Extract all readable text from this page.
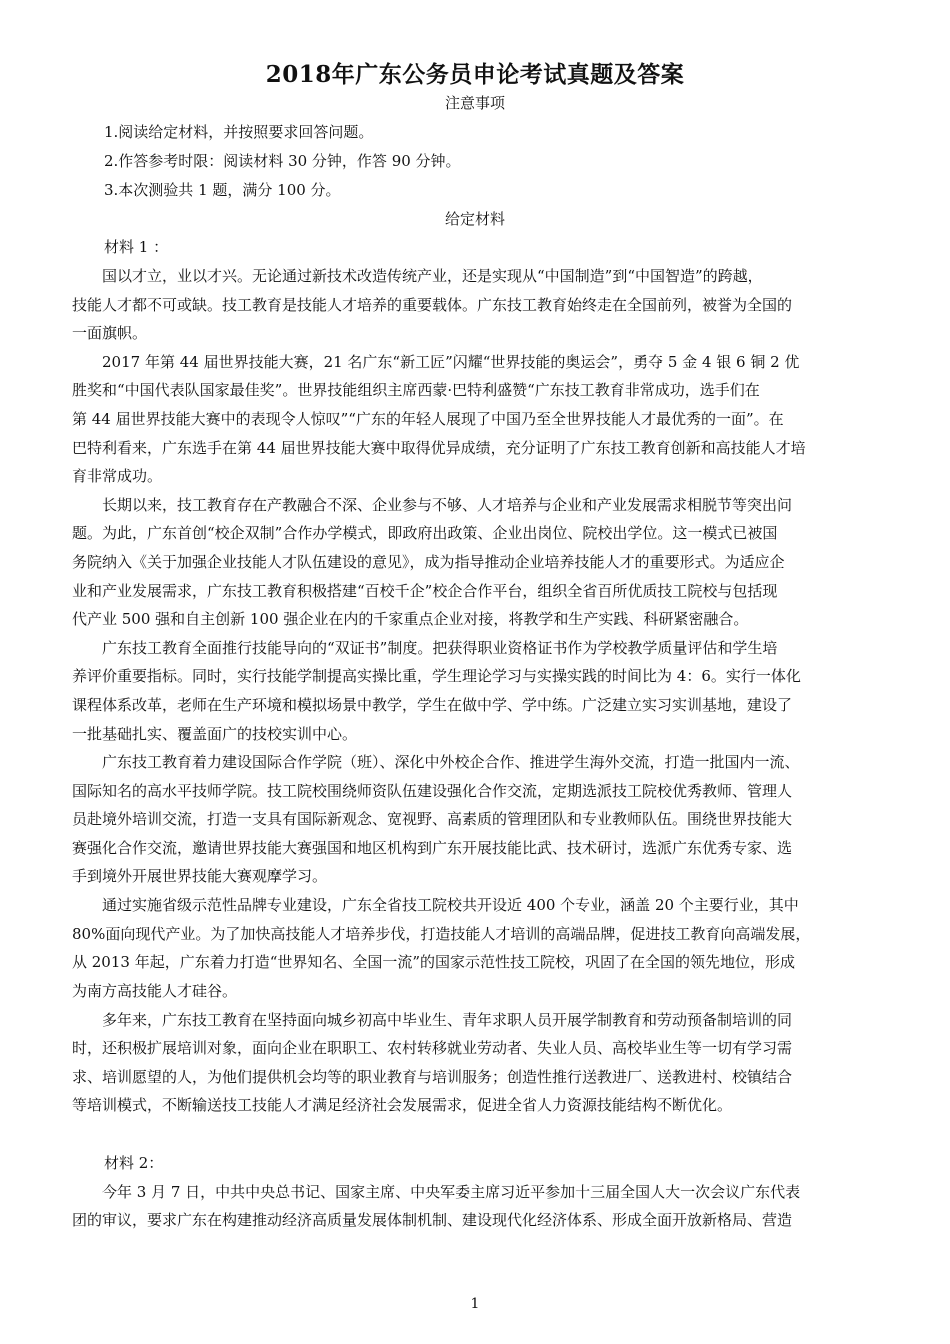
2018年广东公务员申论考试真题及答案
注意事项
1.阅读给定材料，并按照要求回答问题。
2.作答参考时限：阅读材料 30 分钟，作答 90 分钟。
3.本次测验共 1 题，满分 100 分。
给定材料
材料 1 ：
　　国以才立，业以才兴。无论通过新技术改造传统产业，还是实现从“中国制造”到“中国智造”的跨越，
技能人才都不可或缺。技工教育是技能人才培养的重要载体。广东技工教育始终走在全国前列，被誉为全国的
一面旗帜。
　　2017 年第 44 届世界技能大赛，21 名广东“新工匠”闪耀“世界技能的奥运会”，勇夺 5 金 4 银 6 铜 2 优
胜奖和“中国代表队国家最佳奖”。世界技能组织主席西蒙·巴特利盛赞“广东技工教育非常成功，选手们在
第 44 届世界技能大赛中的表现令人惊叹”“广东的年轻人展现了中国乃至全世界技能人才最优秀的一面”。在
巴特利看来，广东选手在第 44 届世界技能大赛中取得优异成绩，充分证明了广东技工教育创新和高技能人才培
育非常成功。
　　长期以来，技工教育存在产教融合不深、企业参与不够、人才培养与企业和产业发展需求相脱节等突出问
题。为此，广东首创“校企双制”合作办学模式，即政府出政策、企业出岗位、院校出学位。这一模式已被国
务院纳入《关于加强企业技能人才队伍建设的意见》，成为指导推动企业培养技能人才的重要形式。为适应企
业和产业发展需求，广东技工教育积极搭建“百校千企”校企合作平台，组织全省百所优质技工院校与包括现
代产业 500 强和自主创新 100 强企业在内的千家重点企业对接，将教学和生产实践、科研紧密融合。
　　广东技工教育全面推行技能导向的“双证书”制度。把获得职业资格证书作为学校教学质量评估和学生培
养评价重要指标。同时，实行技能学制提高实操比重，学生理论学习与实操实践的时间比为 4：6。实行一体化
课程体系改革，老师在生产环境和模拟场景中教学，学生在做中学、学中练。广泛建立实习实训基地，建设了
一批基础扎实、覆盖面广的技校实训中心。
　　广东技工教育着力建设国际合作学院（班）、深化中外校企合作、推进学生海外交流，打造一批国内一流、
国际知名的高水平技师学院。技工院校围绕师资队伍建设强化合作交流，定期选派技工院校优秀教师、管理人
员赴境外培训交流，打造一支具有国际新观念、宽视野、高素质的管理团队和专业教师队伍。围绕世界技能大
赛强化合作交流，邀请世界技能大赛强国和地区机构到广东开展技能比武、技术研讨，选派广东优秀专家、选
手到境外开展世界技能大赛观摩学习。
　　通过实施省级示范性品牌专业建设，广东全省技工院校共开设近 400 个专业，涵盖 20 个主要行业，其中
80%面向现代产业。为了加快高技能人才培养步伐，打造技能人才培训的高端品牌，促进技工教育向高端发展，
从 2013 年起，广东着力打造“世界知名、全国一流”的国家示范性技工院校，巩固了在全国的领先地位，形成
为南方高技能人才硅谷。
　　多年来，广东技工教育在坚持面向城乡初高中毕业生、青年求职人员开展学制教育和劳动预备制培训的同
时，还积极扩展培训对象，面向企业在职职工、农村转移就业劳动者、失业人员、高校毕业生等一切有学习需
求、培训愿望的人，为他们提供机会均等的职业教育与培训服务；创造性推行送教进厂、送教进村、校镇结合
等培训模式，不断输送技工技能人才满足经济社会发展需求，促进全省人力资源技能结构不断优化。
材料 2：
　　今年 3 月 7 日，中共中央总书记、国家主席、中央军委主席习近平参加十三届全国人大一次会议广东代表
团的审议，要求广东在构建推动经济高质量发展体制机制、建设现代化经济体系、形成全面开放新格局、营造
1
